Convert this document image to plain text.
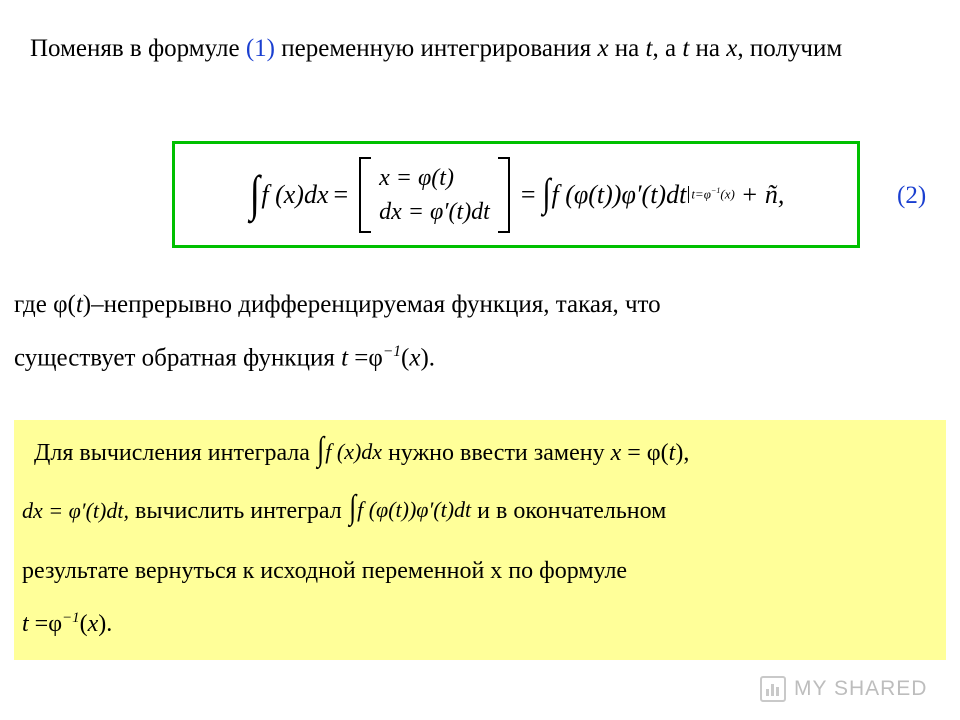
Поменяв в формуле (1) переменную интегрирования x на t, а t на x, получим
∫ f (x)dx =
x = φ(t)
dx = φ′(t)dt
= ∫ f (φ(t))φ′(t)dt $t=\varphi^{-1}(x)$ + ñ,	(2)
где φ(t)–непрерывно дифференцируемая функция, такая, что
существует обратная функция $t =\varphi^{-1}(x)$.
Для вычисления интеграла ∫ f (x)dx нужно ввести замену x = φ(t),
dx = φ′(t)dt, вычислить интеграл ∫ f (φ(t))φ′(t)dt и в окончательном
результате вернуться к исходной переменной x по формуле
$t =\varphi^{-1}(x)$.
MY SHARED
